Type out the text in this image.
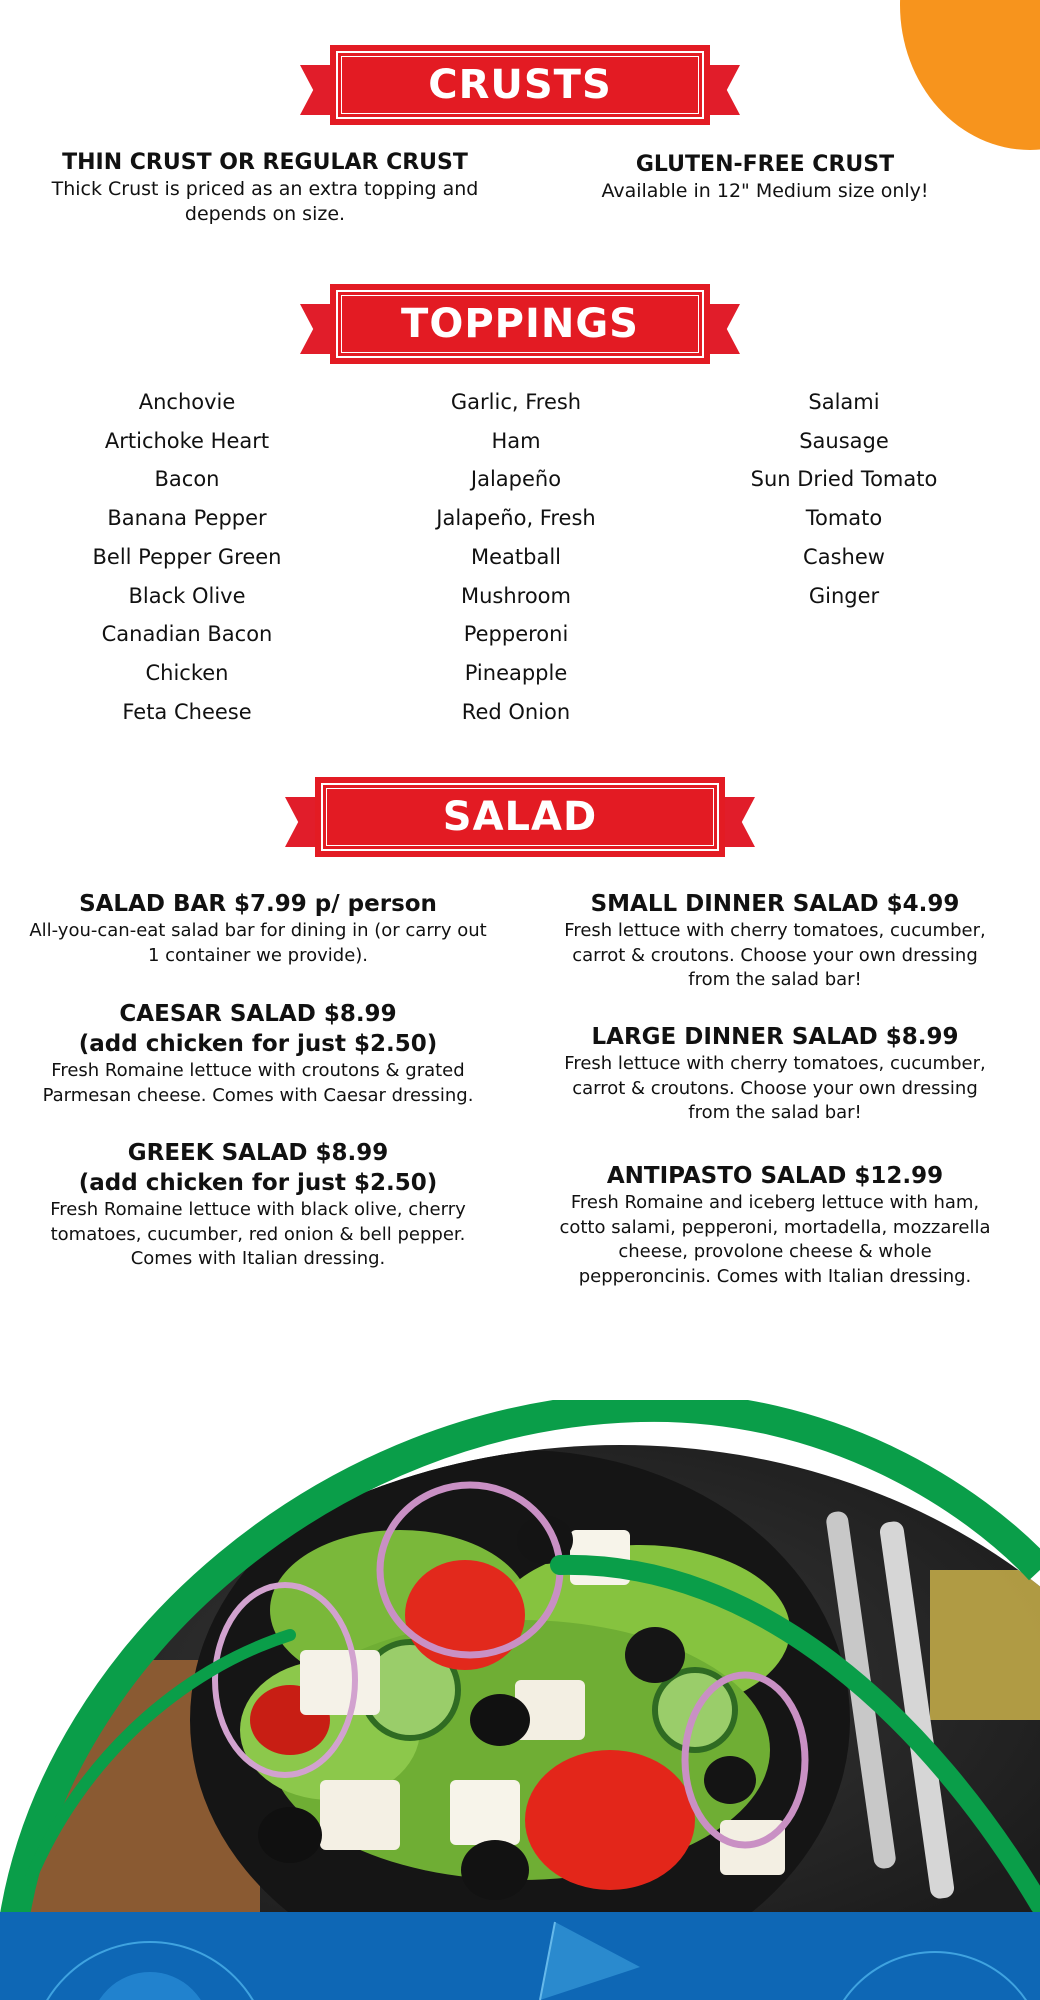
CRUSTS
THIN CRUST OR REGULAR CRUST

Thick Crust is priced as an extra topping and depends on size.

GLUTEN-FREE CRUST

Available in 12" Medium size only!

TOPPINGS
Anchovie
Artichoke Heart
Bacon
Banana Pepper
Bell Pepper Green
Black Olive
Canadian Bacon
Chicken
Feta Cheese
Garlic, Fresh
Ham
Jalapeño
Jalapeño, Fresh
Meatball
Mushroom
Pepperoni
Pineapple
Red Onion
Salami
Sausage
Sun Dried Tomato
Tomato
Cashew
Ginger
SALAD
SALAD BAR $7.99 p/ person

All-you-can-eat salad bar for dining in (or carry out 1 container we provide).

CAESAR SALAD $8.99
(add chicken for just $2.50)

Fresh Romaine lettuce with croutons & grated Parmesan cheese. Comes with Caesar dressing.

GREEK SALAD $8.99
(add chicken for just $2.50)

Fresh Romaine lettuce with black olive, cherry tomatoes, cucumber, red onion & bell pepper. Comes with Italian dressing.

SMALL DINNER SALAD $4.99

Fresh lettuce with cherry tomatoes, cucumber, carrot & croutons. Choose your own dressing from the salad bar!

LARGE DINNER SALAD $8.99

Fresh lettuce with cherry tomatoes, cucumber, carrot & croutons. Choose your own dressing from the salad bar!

ANTIPASTO SALAD $12.99

Fresh Romaine and iceberg lettuce with ham, cotto salami, pepperoni, mortadella, mozzarella cheese, provolone cheese & whole pepperoncinis. Comes with Italian dressing.
